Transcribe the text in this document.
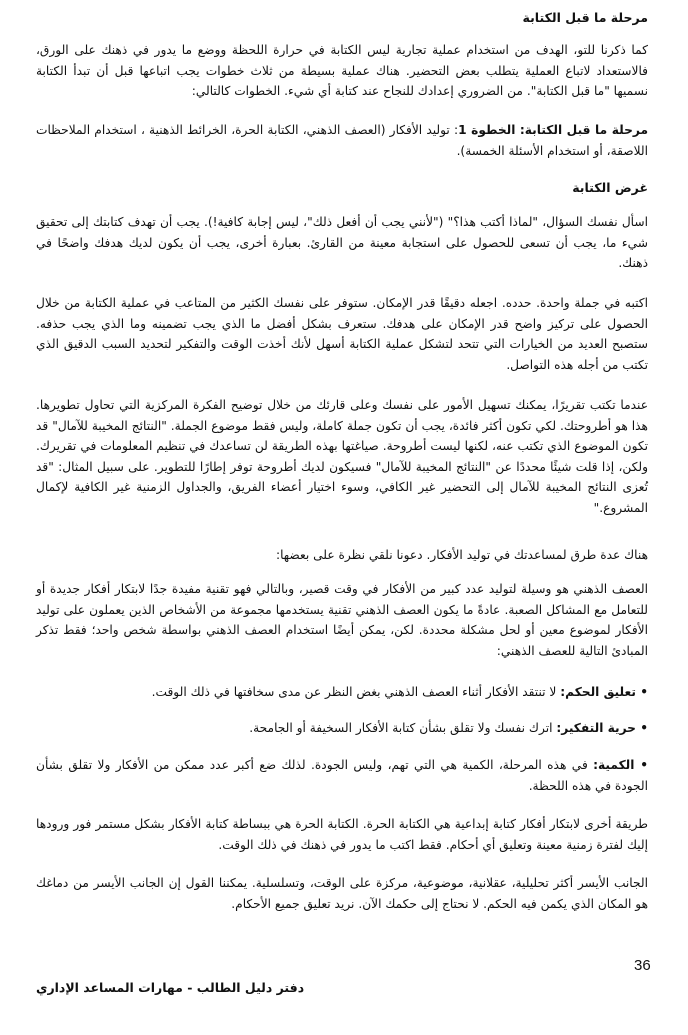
مرحلة ما قبل الكتابة

كما ذكرنا للتو، الهدف من استخدام عملية تجارية ليس الكتابة في حرارة اللحظة ووضع ما يدور في ذهنك على الورق، فالاستعداد لاتباع العملية يتطلب بعض التحضير. هناك عملية بسيطة من ثلاث خطوات يجب اتباعها قبل أن تبدأ الكتابة نسميها "ما قبل الكتابة". من الضروري إعدادك للنجاح عند كتابة أي شيء. الخطوات كالتالي:

مرحلة ما قبل الكتابة: الخطوة 1: توليد الأفكار (العصف الذهني، الكتابة الحرة، الخرائط الذهنية ، استخدام الملاحظات اللاصقة، أو استخدام الأسئلة الخمسة).

غرض الكتابة

اسأل نفسك السؤال، "لماذا أكتب هذا؟" ("لأنني يجب أن أفعل ذلك"، ليس إجابة كافية!). يجب أن تهدف كتابتك إلى تحقيق شيء ما، يجب أن تسعى للحصول على استجابة معينة من القارئ. بعبارة أخرى، يجب أن يكون لديك هدفك واضحًا في ذهنك.

اكتبه في جملة واحدة. حدده. اجعله دقيقًا قدر الإمكان. ستوفر على نفسك الكثير من المتاعب في عملية الكتابة من خلال الحصول على تركيز واضح قدر الإمكان على هدفك. ستعرف بشكل أفضل ما الذي يجب تضمينه وما الذي يجب حذفه. ستصبح العديد من الخيارات التي تتحد لتشكل عملية الكتابة أسهل لأنك أخذت الوقت والتفكير لتحديد السبب الدقيق الذي تكتب من أجله هذه التواصل.

عندما تكتب تقريرًا، يمكنك تسهيل الأمور على نفسك وعلى قارئك من خلال توضيح الفكرة المركزية التي تحاول تطويرها. هذا هو أطروحتك. لكي تكون أكثر فائدة، يجب أن تكون جملة كاملة، وليس فقط موضوع الجملة. "النتائج المخيبة للآمال" قد تكون الموضوع الذي تكتب عنه، لكنها ليست أطروحة. صياغتها بهذه الطريقة لن تساعدك في تنظيم المعلومات في تقريرك. ولكن، إذا قلت شيئًا محددًا عن "النتائج المخيبة للآمال" فسيكون لديك أطروحة توفر إطارًا للتطوير. على سبيل المثال: "قد تُعزى النتائج المخيبة للآمال إلى التحضير غير الكافي، وسوء اختيار أعضاء الفريق، والجداول الزمنية غير الكافية لإكمال المشروع."

هناك عدة طرق لمساعدتك في توليد الأفكار. دعونا نلقي نظرة على بعضها:

العصف الذهني هو وسيلة لتوليد عدد كبير من الأفكار في وقت قصير، وبالتالي فهو تقنية مفيدة جدًا لابتكار أفكار جديدة أو للتعامل مع المشاكل الصعبة. عادةً ما يكون العصف الذهني تقنية يستخدمها مجموعة من الأشخاص الذين يعملون على توليد الأفكار لموضوع معين أو لحل مشكلة محددة. لكن، يمكن أيضًا استخدام العصف الذهني بواسطة شخص واحد؛ فقط تذكر المبادئ التالية للعصف الذهني:

• تعليق الحكم: لا تنتقد الأفكار أثناء العصف الذهني بغض النظر عن مدى سخافتها في ذلك الوقت.

• حرية التفكير: اترك نفسك ولا تقلق بشأن كتابة الأفكار السخيفة أو الجامحة.

• الكمية: في هذه المرحلة، الكمية هي التي تهم، وليس الجودة. لذلك ضع أكبر عدد ممكن من الأفكار ولا تقلق بشأن الجودة في هذه اللحظة.

طريقة أخرى لابتكار أفكار كتابة إبداعية هي الكتابة الحرة. الكتابة الحرة هي ببساطة كتابة الأفكار بشكل مستمر فور ورودها إليك لفترة زمنية معينة وتعليق أي أحكام. فقط اكتب ما يدور في ذهنك في ذلك الوقت.

الجانب الأيسر أكثر تحليلية، عقلانية، موضوعية، مركزة على الوقت، وتسلسلية. يمكننا القول إن الجانب الأيسر من دماغك هو المكان الذي يكمن فيه الحكم. لا نحتاج إلى حكمك الآن. نريد تعليق جميع الأحكام.

36
دفتر دليل الطالب - مهارات المساعد الإداري
